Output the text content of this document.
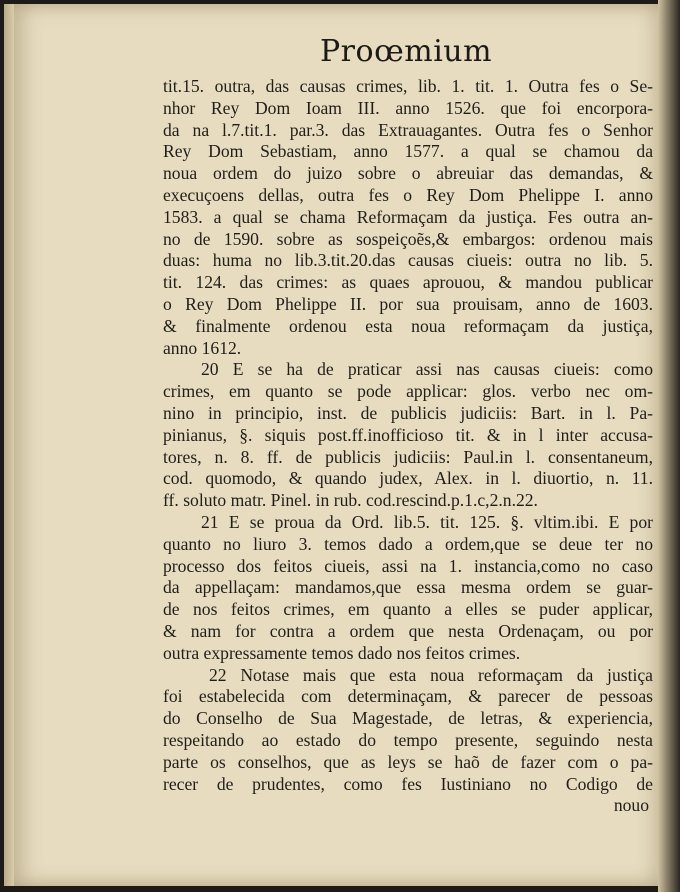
Proœmium
tit.15. outra, das causas crimes, lib. 1. tit. 1. Outra fes o Se-
nhor Rey Dom Ioam III. anno 1526. que foi encorpora-
da na l.7.tit.1. par.3. das Extrauagantes. Outra fes o Senhor
Rey Dom Sebastiam, anno 1577. a qual se chamou da
noua ordem do juizo sobre o abreuiar das demandas, &
execuçoens dellas, outra fes o Rey Dom Phelippe I. anno
1583. a qual se chama Reformaçam da justiça. Fes outra an-
no de 1590. sobre as sospeiçoẽs,& embargos: ordenou mais
duas: huma no lib.3.tit.20.das causas ciueis: outra no lib. 5.
tit. 124. das crimes: as quaes aprouou, & mandou publicar
o Rey Dom Phelippe II. por sua prouisam, anno de 1603.
& finalmente ordenou esta noua reformaçam da justiça,
anno 1612.
20 E se ha de praticar assi nas causas ciueis: como
crimes, em quanto se pode applicar: glos. verbo nec om-
nino in principio, inst. de publicis judiciis: Bart. in l. Pa-
pinianus, §. siquis post.ff.inofficioso tit. & in l inter accusa-
tores, n. 8. ff. de publicis judiciis: Paul.in l. consentaneum,
cod. quomodo, & quando judex, Alex. in l. diuortio, n. 11.
ff. soluto matr. Pinel. in rub. cod.rescind.p.1.c,2.n.22.
21 E se proua da Ord. lib.5. tit. 125. §. vltim.ibi. E por
quanto no liuro 3. temos dado a ordem,que se deue ter no
processo dos feitos ciueis, assi na 1. instancia,como no caso
da appellaçam: mandamos,que essa mesma ordem se guar-
de nos feitos crimes, em quanto a elles se puder applicar,
& nam for contra a ordem que nesta Ordenaçam, ou por
outra expressamente temos dado nos feitos crimes.
22 Notase mais que esta noua reformaçam da justiça
foi estabelecida com determinaçam, & parecer de pessoas
do Conselho de Sua Magestade, de letras, & experiencia,
respeitando ao estado do tempo presente, seguindo nesta
parte os conselhos, que as leys se haõ de fazer com o pa-
recer de prudentes, como fes Iustiniano no Codigo de
nouo
